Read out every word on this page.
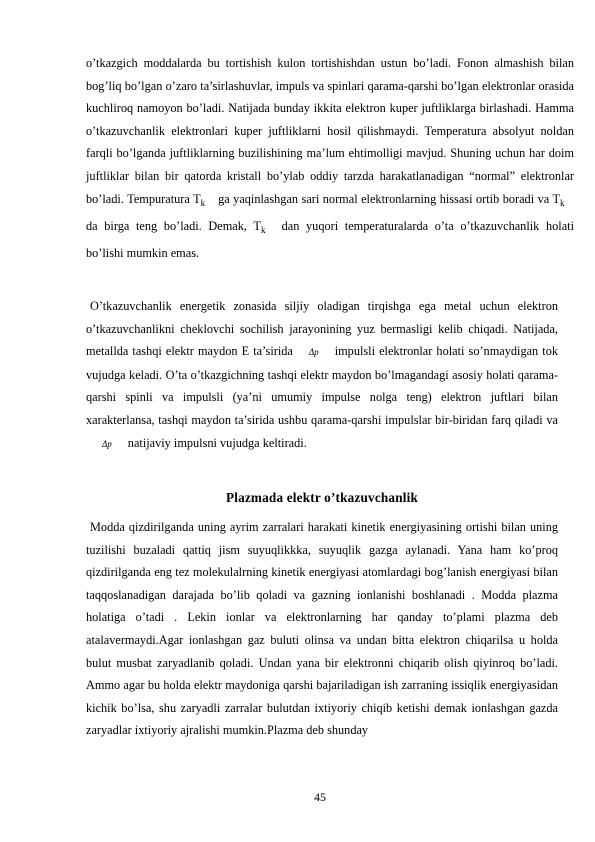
o’tkazgich moddalarda bu tortishish kulon tortishishdan ustun bo’ladi. Fonon almashish bilan bog’liq bo’lgan o’zaro ta’sirlashuvlar, impuls va spinlari qarama-qarshi bo’lgan elektronlar orasida kuchliroq namoyon bo’ladi. Natijada bunday ikkita elektron kuper juftliklarga birlashadi. Hamma o’tkazuvchanlik elektronlari kuper juftliklarni hosil qilishmaydi. Temperatura absolyut noldan farqli bo’lganda juftliklarning buzilishining ma’lum ehtimolligi mavjud. Shuning uchun har doim juftliklar bilan bir qatorda kristall bo’ylab oddiy tarzda harakatlanadigan “normal” elektronlar bo’ladi. Tempuratura $T_k$ ga yaqinlashgan sari normal elektronlarning hissasi ortib boradi va $T_k$ da birga teng bo’ladi. Demak, $T_k$ dan yuqori temperaturalarda o’ta o’tkazuvchanlik holati bo’lishi mumkin emas.

O’tkazuvchanlik energetik zonasida siljiy oladigan tirqishga ega metal uchun elektron o’tkazuvchanlikni cheklovchi sochilish jarayonining yuz bermasligi kelib chiqadi. Natijada, metallda tashqi elektr maydon E ta’sirida Δp impulsli elektronlar holati so’nmaydigan tok vujudga keladi. O’ta o’tkazgichning tashqi elektr maydon bo’lmagandagi asosiy holati qarama-qarshi spinli va impulsli (ya’ni umumiy impulse nolga teng) elektron juftlari bilan xarakterlansa, tashqi maydon ta’sirida ushbu qarama-qarshi impulslar bir-biridan farq qiladi vaΔp natijaviy impulsni vujudga keltiradi.

Plazmada elektr o’tkazuvchanlik

Modda qizdirilganda uning ayrim zarralari harakati kinetik energiyasining ortishi bilan uning tuzilishi buzaladi qattiq jism suyuqlikkka, suyuqlik gazga aylanadi. Yana ham ko’proq qizdirilganda eng tez molekulalrning kinetik energiyasi atomlardagi bog’lanish energiyasi bilan taqqoslanadigan darajada bo’lib qoladi va gazning ionlanishi boshlanadi . Modda plazma holatiga o’tadi . Lekin ionlar va elektronlarning har qanday to’plami plazma deb atalavermaydi.Agar ionlashgan gaz buluti olinsa va undan bitta elektron chiqarilsa u holda bulut musbat zaryadlanib qoladi. Undan yana bir elektronni chiqarib olish qiyinroq bo’ladi. Ammo agar bu holda elektr maydoniga qarshi bajariladigan ish zarraning issiqlik energiyasidan kichik bo’lsa, shu zaryadli zarralar bulutdan ixtiyoriy chiqib ketishi demak ionlashgan gazda zaryadlar ixtiyoriy ajralishi mumkin.Plazma deb shunday

45
